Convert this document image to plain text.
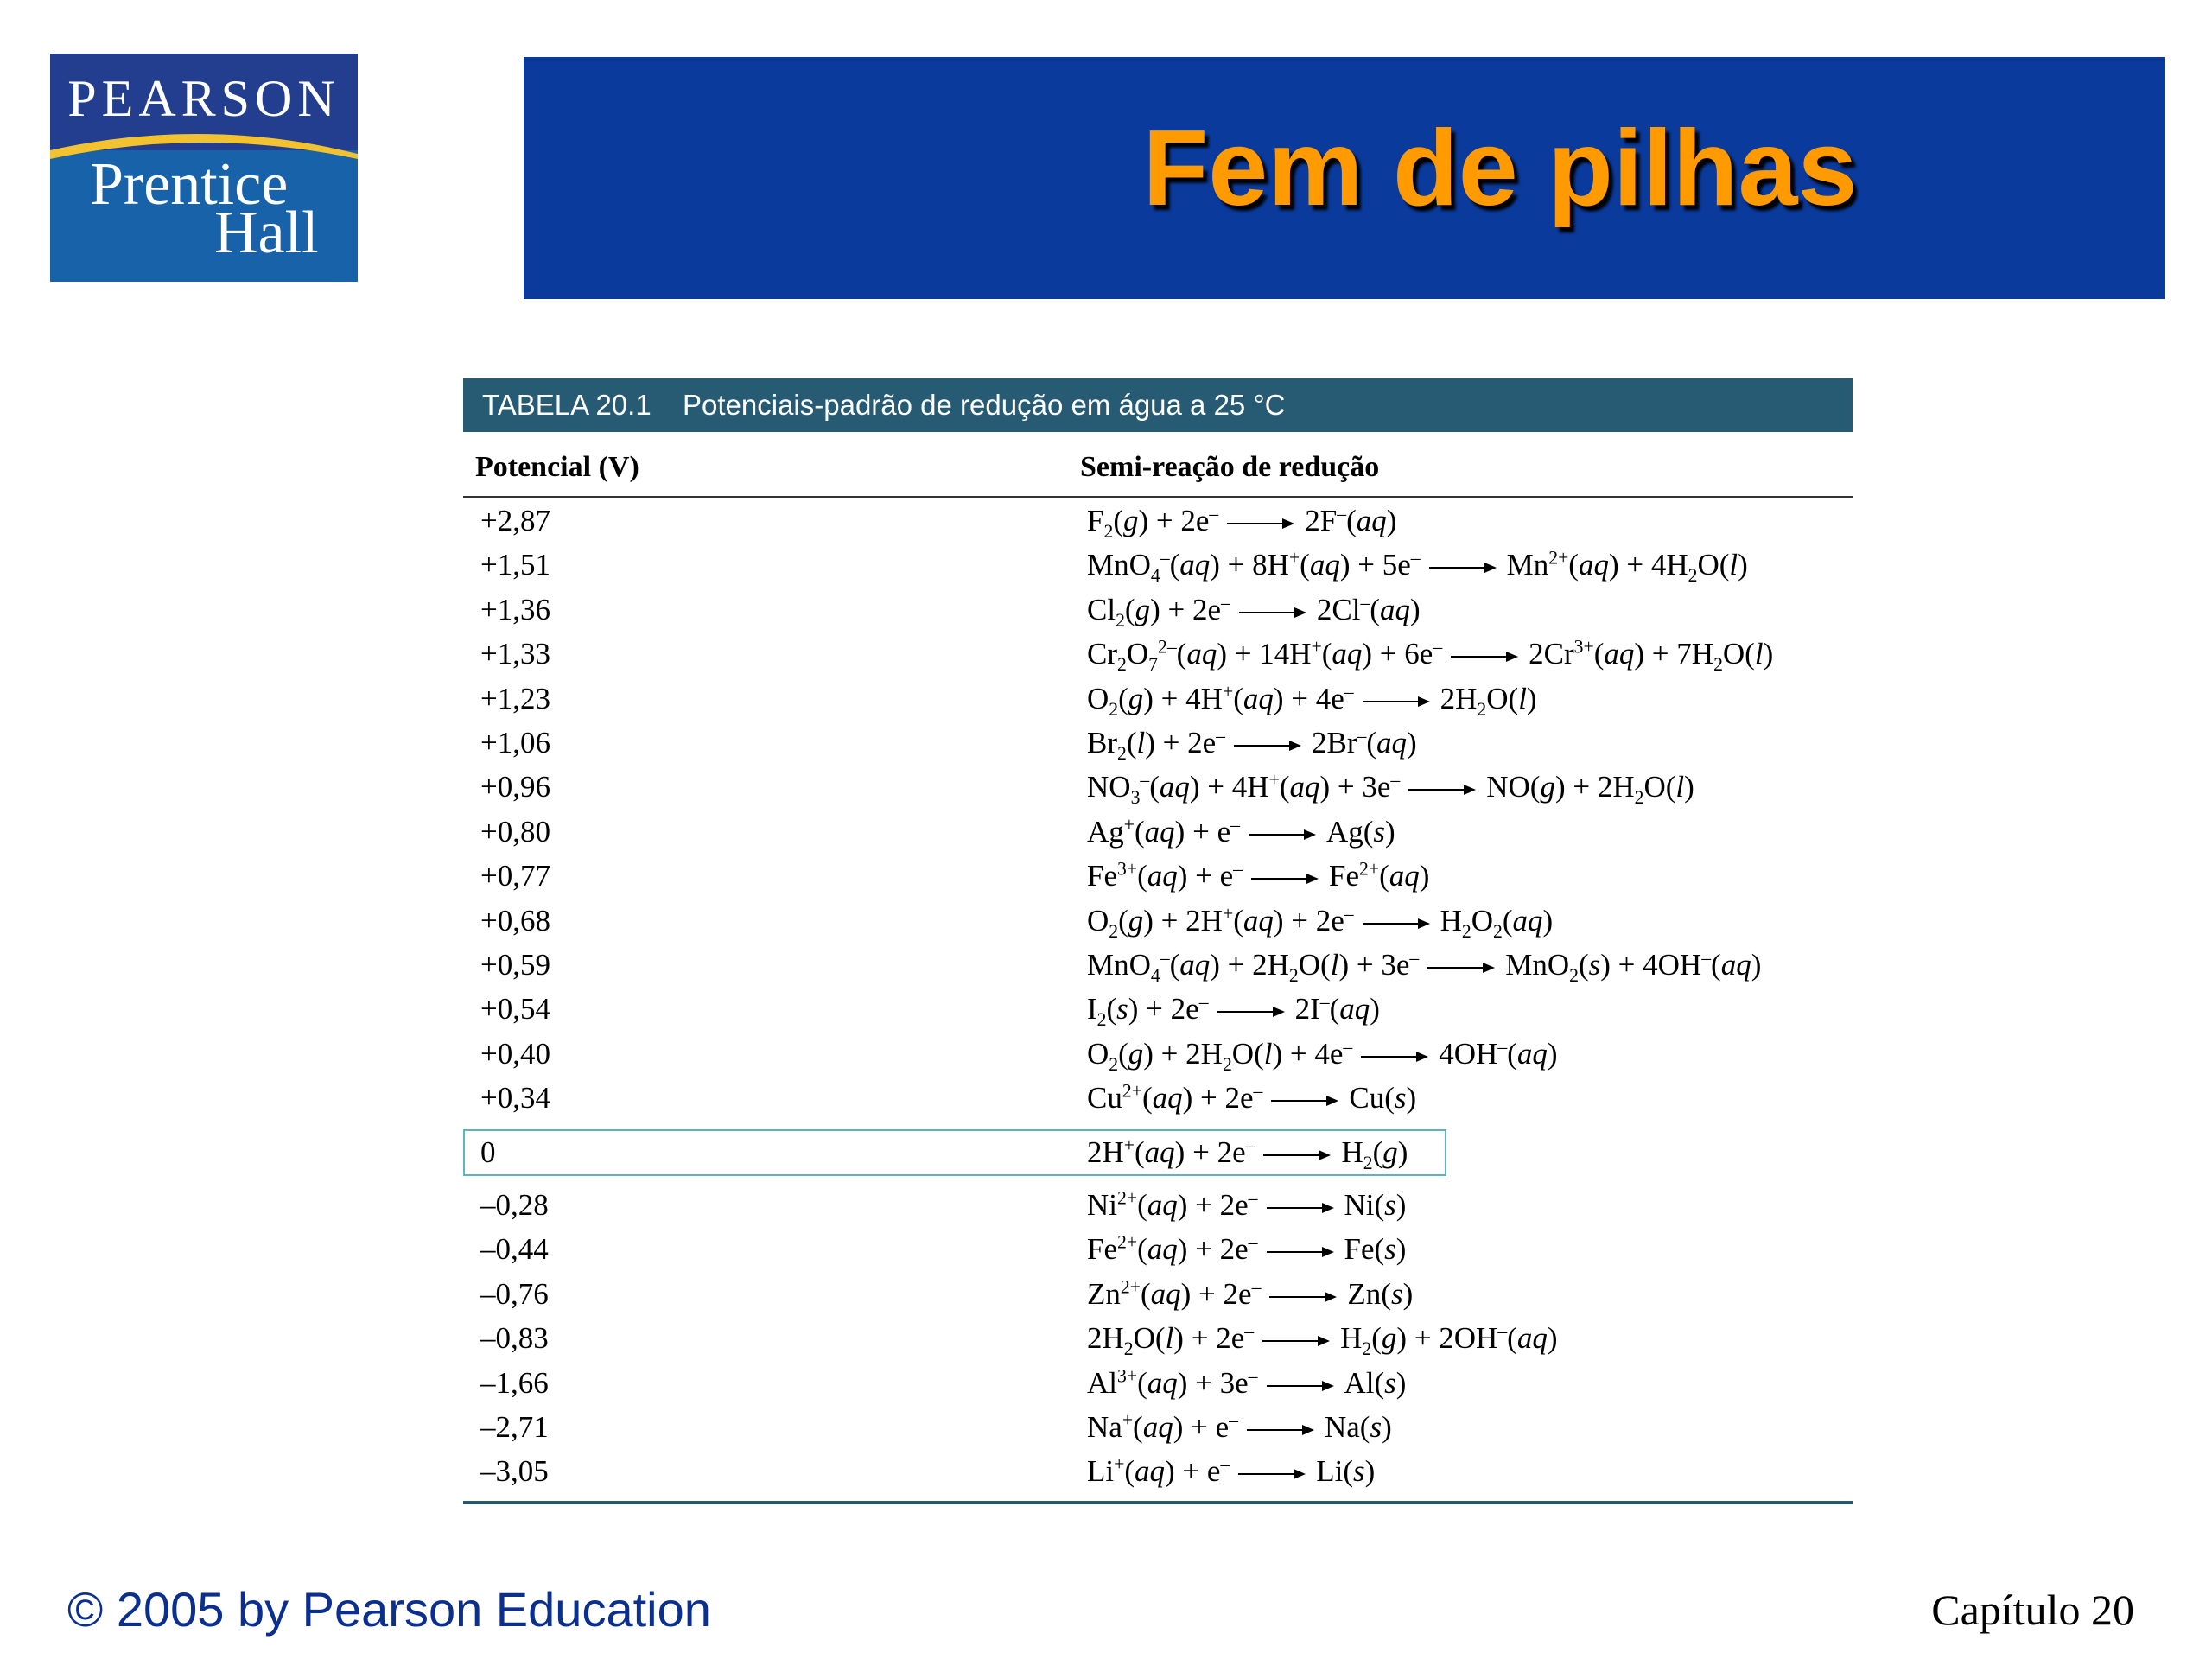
PEARSON
Prentice
Hall
Fem de pilhas
TABELA 20.1 Potenciais-padrão de redução em água a 25 °C
Potencial (V)	Semi-reação de redução
+2,87	$F_2(g) + 2e^- \to 2F^-(aq)$
+1,51	$MnO_4^-(aq) + 8H^+(aq) + 5e^- \to Mn^{2+}(aq) + 4H_2O(l)$
+1,36	$Cl_2(g) + 2e^- \to 2Cl^-(aq)$
+1,33	$Cr_2O_7^{2-}(aq) + 14H^+(aq) + 6e^- \to 2Cr^{3+}(aq) + 7H_2O(l)$
+1,23	$O_2(g) + 4H^+(aq) + 4e^- \to 2H_2O(l)$
+1,06	$Br_2(l) + 2e^- \to 2Br^-(aq)$
+0,96	$NO_3^-(aq) + 4H^+(aq) + 3e^- \to NO(g) + 2H_2O(l)$
+0,80	Ag+(aq) + e– → Ag(s)
+0,77	$Fe^{3+}(aq) + e^- \to Fe^{2+}(aq)$
+0,68	$O_2(g) + 2H^+(aq) + 2e^- \to H_2O_2(aq)$
+0,59	$MnO_4^-(aq) + 2H_2O(l) + 3e^- \to MnO_2(s) + 4OH^-(aq)$
+0,54	$I_2(s) + 2e^- \to 2I^-(aq)$
+0,40	$O_2(g) + 2H_2O(l) + 4e^- \to 4OH^-(aq)$
+0,34	$Cu^{2+}(aq) + 2e^- \to Cu(s)$
0	$2H^+(aq) + 2e^- \to H_2(g)$
–0,28	$Ni^{2+}(aq) + 2e^- \to Ni(s)$
–0,44	$Fe^{2+}(aq) + 2e^- \to Fe(s)$
–0,76	$Zn^{2+}(aq) + 2e^- \to Zn(s)$
–0,83	$2H_2O(l) + 2e^- \to H_2(g) + 2OH^-(aq)$
–1,66	$Al^{3+}(aq) + 3e^- \to Al(s)$
–2,71	Na+(aq) + e– → Na(s)
–3,05	Li+(aq) + e– → Li(s)
© 2005 by Pearson Education	Capítulo 20
